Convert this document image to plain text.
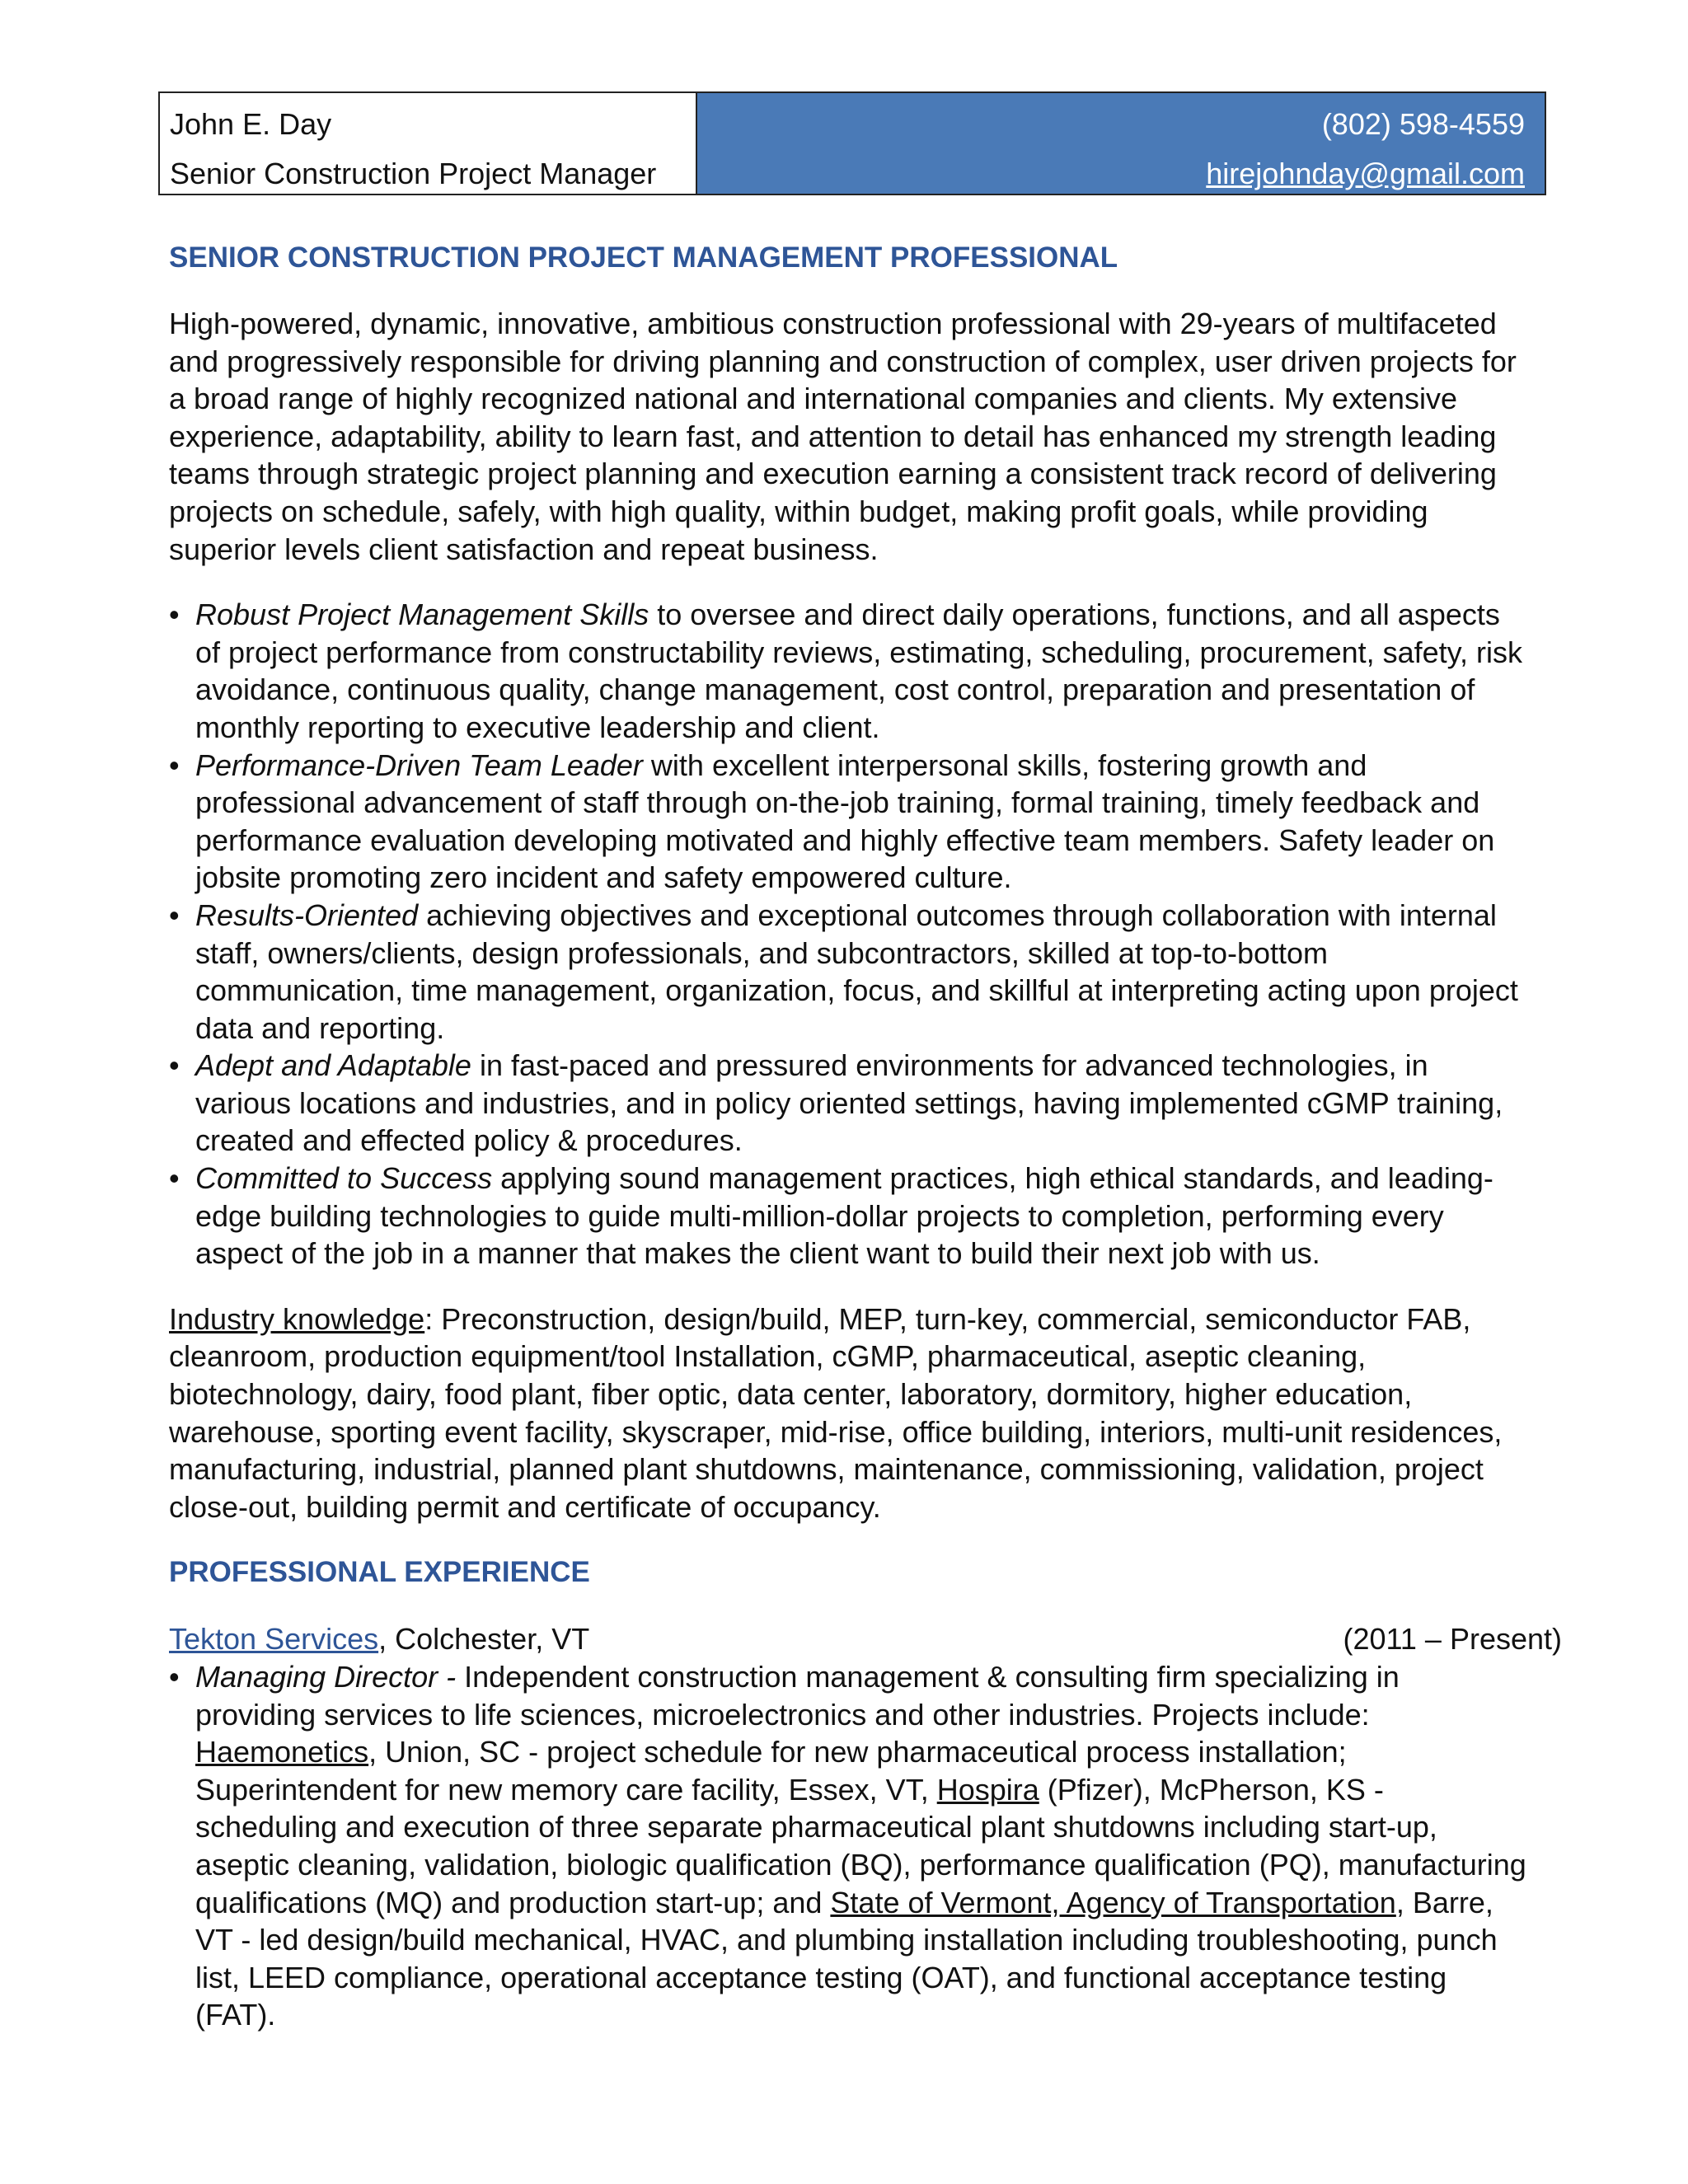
John E. Day
Senior Construction Project Manager
(802) 598-4559
hirejohnday@gmail.com
SENIOR CONSTRUCTION PROJECT MANAGEMENT PROFESSIONAL
High-powered, dynamic, innovative, ambitious construction professional with 29-years of multifaceted
and progressively responsible for driving planning and construction of complex, user driven projects for
a broad range of highly recognized national and international companies and clients. My extensive
experience, adaptability, ability to learn fast, and attention to detail has enhanced my strength leading
teams through strategic project planning and execution earning a consistent track record of delivering
projects on schedule, safely, with high quality, within budget, making profit goals, while providing
superior levels client satisfaction and repeat business.
• Robust Project Management Skills to oversee and direct daily operations, functions, and all aspects
of project performance from constructability reviews, estimating, scheduling, procurement, safety, risk
avoidance, continuous quality, change management, cost control, preparation and presentation of
monthly reporting to executive leadership and client.
• Performance-Driven Team Leader with excellent interpersonal skills, fostering growth and
professional advancement of staff through on-the-job training, formal training, timely feedback and
performance evaluation developing motivated and highly effective team members. Safety leader on
jobsite promoting zero incident and safety empowered culture.
• Results-Oriented achieving objectives and exceptional outcomes through collaboration with internal
staff, owners/clients, design professionals, and subcontractors, skilled at top-to-bottom
communication, time management, organization, focus, and skillful at interpreting acting upon project
data and reporting.
• Adept and Adaptable in fast-paced and pressured environments for advanced technologies, in
various locations and industries, and in policy oriented settings, having implemented cGMP training,
created and effected policy & procedures.
• Committed to Success applying sound management practices, high ethical standards, and leading-
edge building technologies to guide multi-million-dollar projects to completion, performing every
aspect of the job in a manner that makes the client want to build their next job with us.
Industry knowledge: Preconstruction, design/build, MEP, turn-key, commercial, semiconductor FAB,
cleanroom, production equipment/tool Installation, cGMP, pharmaceutical, aseptic cleaning,
biotechnology, dairy, food plant, fiber optic, data center, laboratory, dormitory, higher education,
warehouse, sporting event facility, skyscraper, mid-rise, office building, interiors, multi-unit residences,
manufacturing, industrial, planned plant shutdowns, maintenance, commissioning, validation, project
close-out, building permit and certificate of occupancy.
PROFESSIONAL EXPERIENCE
Tekton Services, Colchester, VT	(2011 – Present)
• Managing Director - Independent construction management & consulting firm specializing in
providing services to life sciences, microelectronics and other industries. Projects include:
Haemonetics, Union, SC - project schedule for new pharmaceutical process installation;
Superintendent for new memory care facility, Essex, VT, Hospira (Pfizer), McPherson, KS -
scheduling and execution of three separate pharmaceutical plant shutdowns including start-up,
aseptic cleaning, validation, biologic qualification (BQ), performance qualification (PQ), manufacturing
qualifications (MQ) and production start-up; and State of Vermont, Agency of Transportation, Barre,
VT - led design/build mechanical, HVAC, and plumbing installation including troubleshooting, punch
list, LEED compliance, operational acceptance testing (OAT), and functional acceptance testing
(FAT).
